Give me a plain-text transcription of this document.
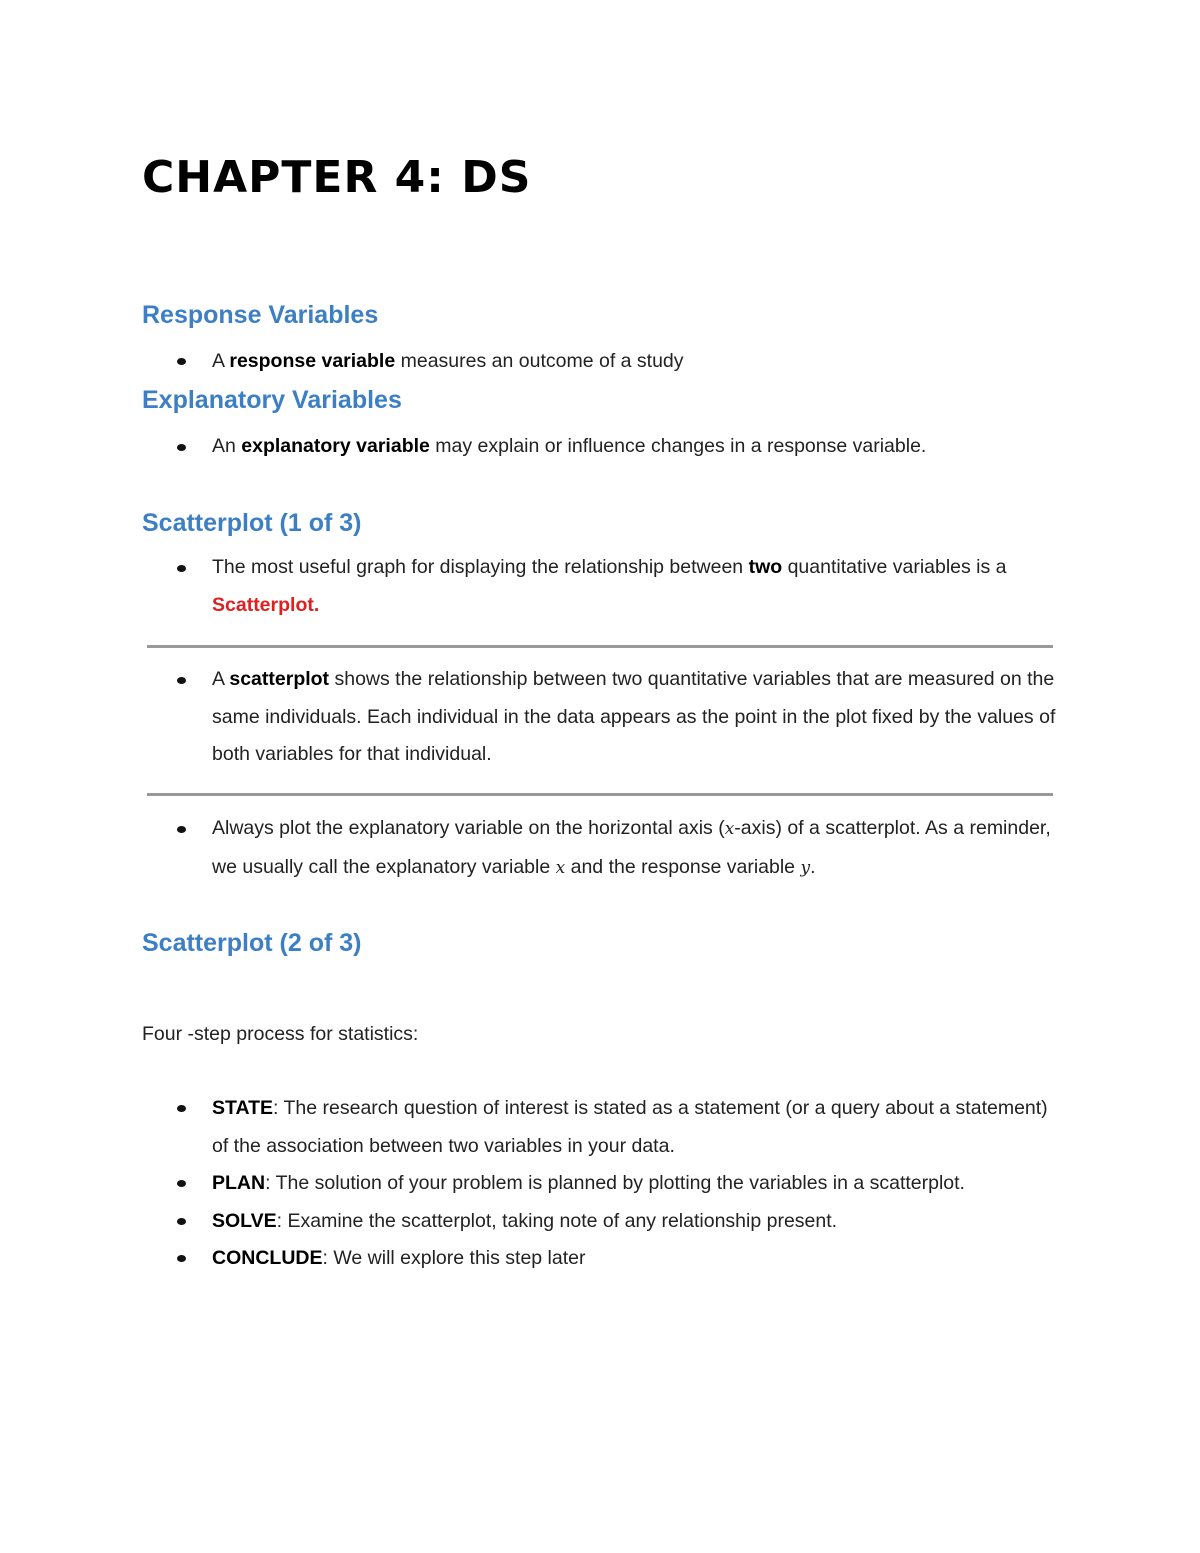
CHAPTER 4: DS
Response Variables
A response variable measures an outcome of a study
Explanatory Variables
An explanatory variable may explain or influence changes in a response variable.
Scatterplot (1 of 3)
The most useful graph for displaying the relationship between two quantitative variables is a Scatterplot.
A scatterplot shows the relationship between two quantitative variables that are measured on the same individuals. Each individual in the data appears as the point in the plot fixed by the values of both variables for that individual.
Always plot the explanatory variable on the horizontal axis (x-axis) of a scatterplot. As a reminder, we usually call the explanatory variable x and the response variable y.
Scatterplot (2 of 3)
Four -step process for statistics:
STATE: The research question of interest is stated as a statement (or a query about a statement) of the association between two variables in your data.
PLAN: The solution of your problem is planned by plotting the variables in a scatterplot.
SOLVE: Examine the scatterplot, taking note of any relationship present.
CONCLUDE: We will explore this step later
